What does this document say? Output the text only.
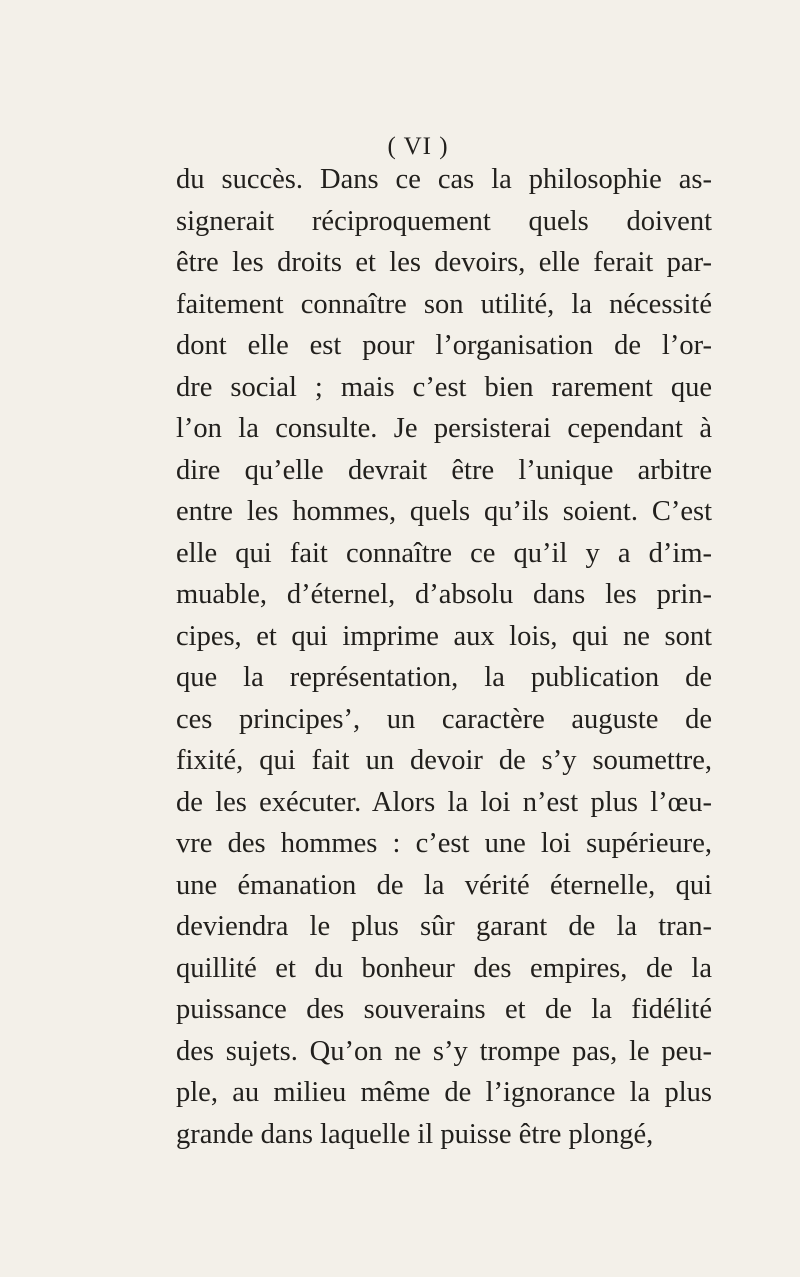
( VI )
du succès. Dans ce cas la philosophie as-
signerait réciproquement quels doivent
être les droits et les devoirs, elle ferait par-
faitement connaître son utilité, la nécessité
dont elle est pour l’organisation de l’or-
dre social ; mais c’est bien rarement que
l’on la consulte. Je persisterai cependant à
dire qu’elle devrait être l’unique arbitre
entre les hommes, quels qu’ils soient. C’est
elle qui fait connaître ce qu’il y a d’im-
muable, d’éternel, d’absolu dans les prin-
cipes, et qui imprime aux lois, qui ne sont
que la représentation, la publication de
ces principes’, un caractère auguste de
fixité, qui fait un devoir de s’y soumettre,
de les exécuter. Alors la loi n’est plus l’œu-
vre des hommes : c’est une loi supérieure,
une émanation de la vérité éternelle, qui
deviendra le plus sûr garant de la tran-
quillité et du bonheur des empires, de la
puissance des souverains et de la fidélité
des sujets. Qu’on ne s’y trompe pas, le peu-
ple, au milieu même de l’ignorance la plus
grande dans laquelle il puisse être plongé,
